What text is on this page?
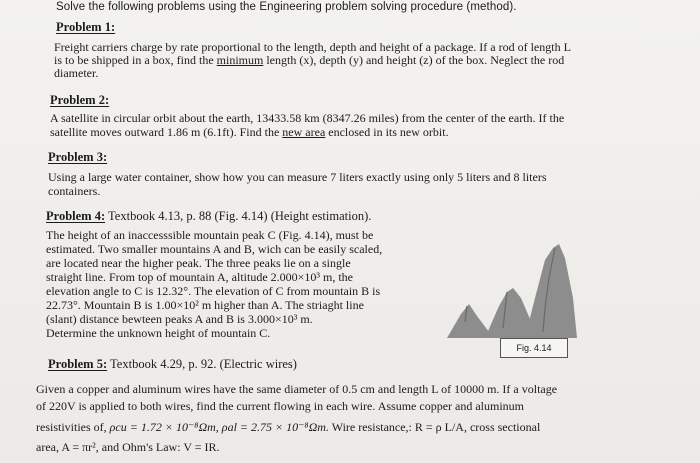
Solve the following problems using the Engineering problem solving procedure (method).
Problem 1:
Freight carriers charge by rate proportional to the length, depth and height of a package. If a rod of length L
is to be shipped in a box, find the minimum length (x), depth (y) and height (z) of the box. Neglect the rod
diameter.
Problem 2:
A satellite in circular orbit about the earth, 13433.58 km (8347.26 miles) from the center of the earth. If the
satellite moves outward 1.86 m (6.1ft). Find the new area enclosed in its new orbit.
Problem 3:
Using a large water container, show how you can measure 7 liters exactly using only 5 liters and 8 liters
containers.
Problem 4: Textbook 4.13, p. 88 (Fig. 4.14) (Height estimation).
The height of an inaccesssible mountain peak C (Fig. 4.14), must be
estimated. Two smaller mountains A and B, wich can be easily scaled,
are located near the higher peak. The three peaks lie on a single
straight line. From top of mountain A, altitude 2.000×10³ m, the
elevation angle to C is 12.32°. The elevation of C from mountain B is
22.73°. Mountain B is 1.00×10² m higher than A. The striaght line
(slant) distance bewteen peaks A and B is 3.000×10³ m.
Determine the unknown height of mountain C.
Fig. 4.14
Problem 5: Textbook 4.29, p. 92. (Electric wires)
Given a copper and aluminum wires have the same diameter of 0.5 cm and length L of 10000 m. If a voltage
of 220V is applied to both wires, find the current flowing in each wire. Assume copper and aluminum
resistivities of, ρcu = 1.72 × 10⁻⁸Ωm, ρal = 2.75 × 10⁻⁸Ωm. Wire resistance,: R = ρ L/A, cross sectional
area, A = πr², and Ohm's Law: V = IR.
